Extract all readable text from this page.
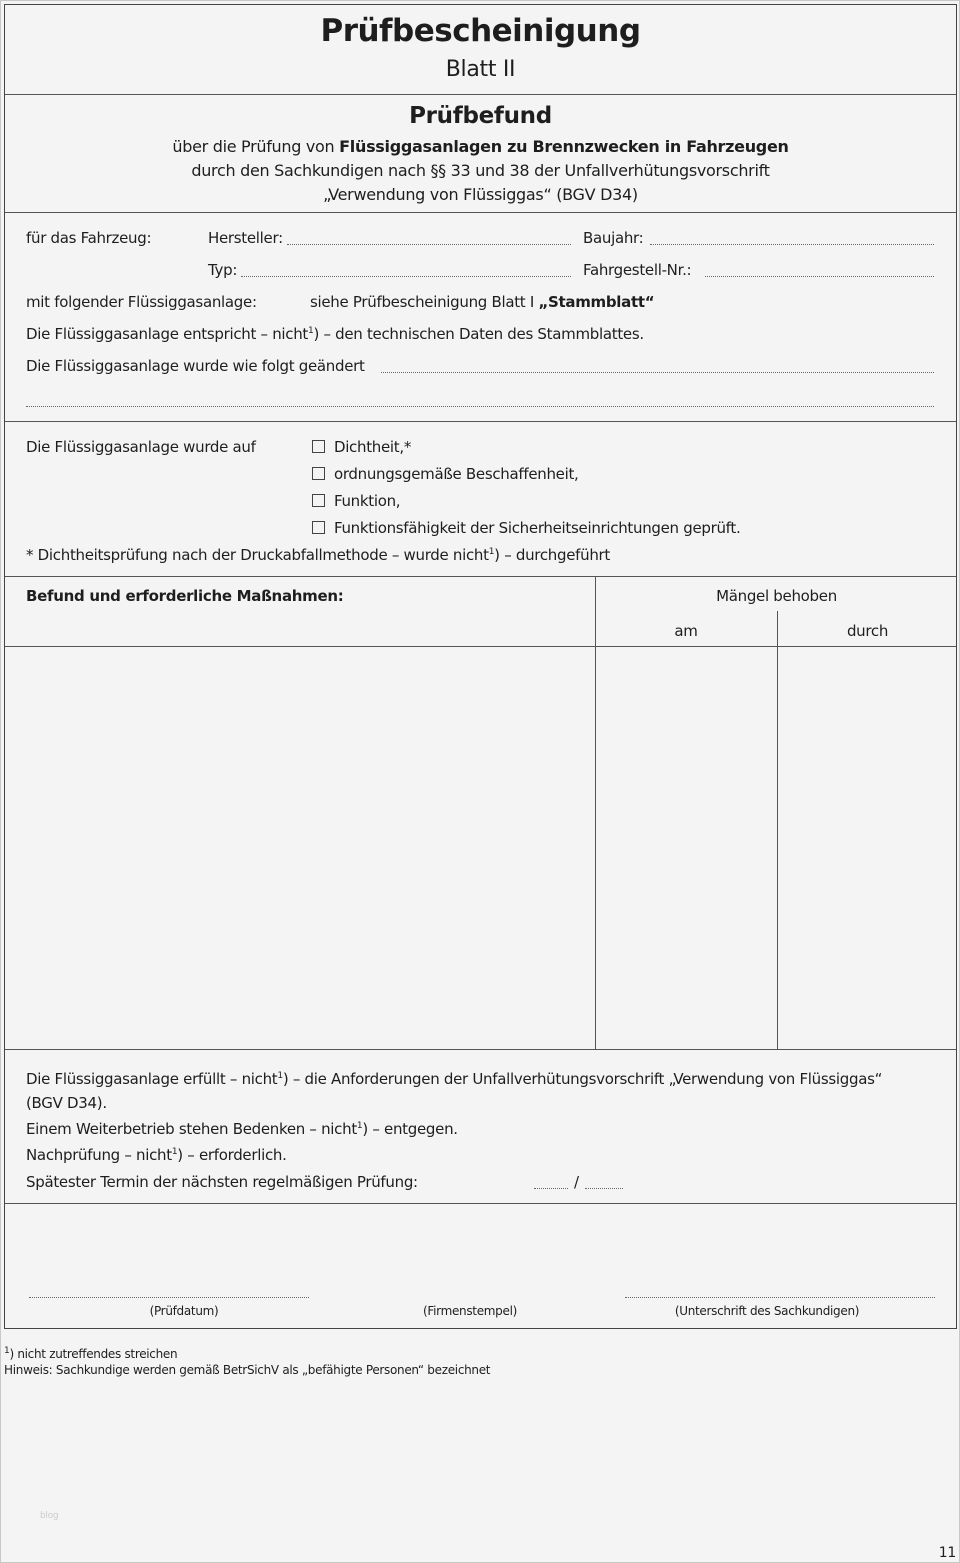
Prüfbescheinigung
Blatt II
Prüfbefund
über die Prüfung von Flüssiggasanlagen zu Brennzwecken in Fahrzeugen
durch den Sachkundigen nach §§ 33 und 38 der Unfallverhütungsvorschrift
„Verwendung von Flüssiggas“ (BGV D34)
für das Fahrzeug:	Hersteller:	Baujahr:
Typ:	Fahrgestell-Nr.:
mit folgender Flüssiggasanlage:	siehe Prüfbescheinigung Blatt I „Stammblatt“
Die Flüssiggasanlage entspricht – nicht$^1$) – den technischen Daten des Stammblattes.
Die Flüssiggasanlage wurde wie folgt geändert
Die Flüssiggasanlage wurde auf	Dichtheit,*
ordnungsgemäße Beschaffenheit,
Funktion,
Funktionsfähigkeit der Sicherheitseinrichtungen geprüft.
* Dichtheitsprüfung nach der Druckabfallmethode – wurde nicht$^1$) – durchgeführt
Befund und erforderliche Maßnahmen:	Mängel behoben
am	durch
Die Flüssiggasanlage erfüllt – nicht$^1$) – die Anforderungen der Unfallverhütungsvorschrift „Verwendung von Flüssiggas“
(BGV D34).
Einem Weiterbetrieb stehen Bedenken – nicht$^1$) – entgegen.
Nachprüfung – nicht$^1$) – erforderlich.
Spätester Termin der nächsten regelmäßigen Prüfung:	/
(Prüfdatum)	(Firmenstempel)	(Unterschrift des Sachkundigen)
$^1$) nicht zutreffendes streichen
Hinweis: Sachkundige werden gemäß BetrSichV als „befähigte Personen“ bezeichnet
blog
11
